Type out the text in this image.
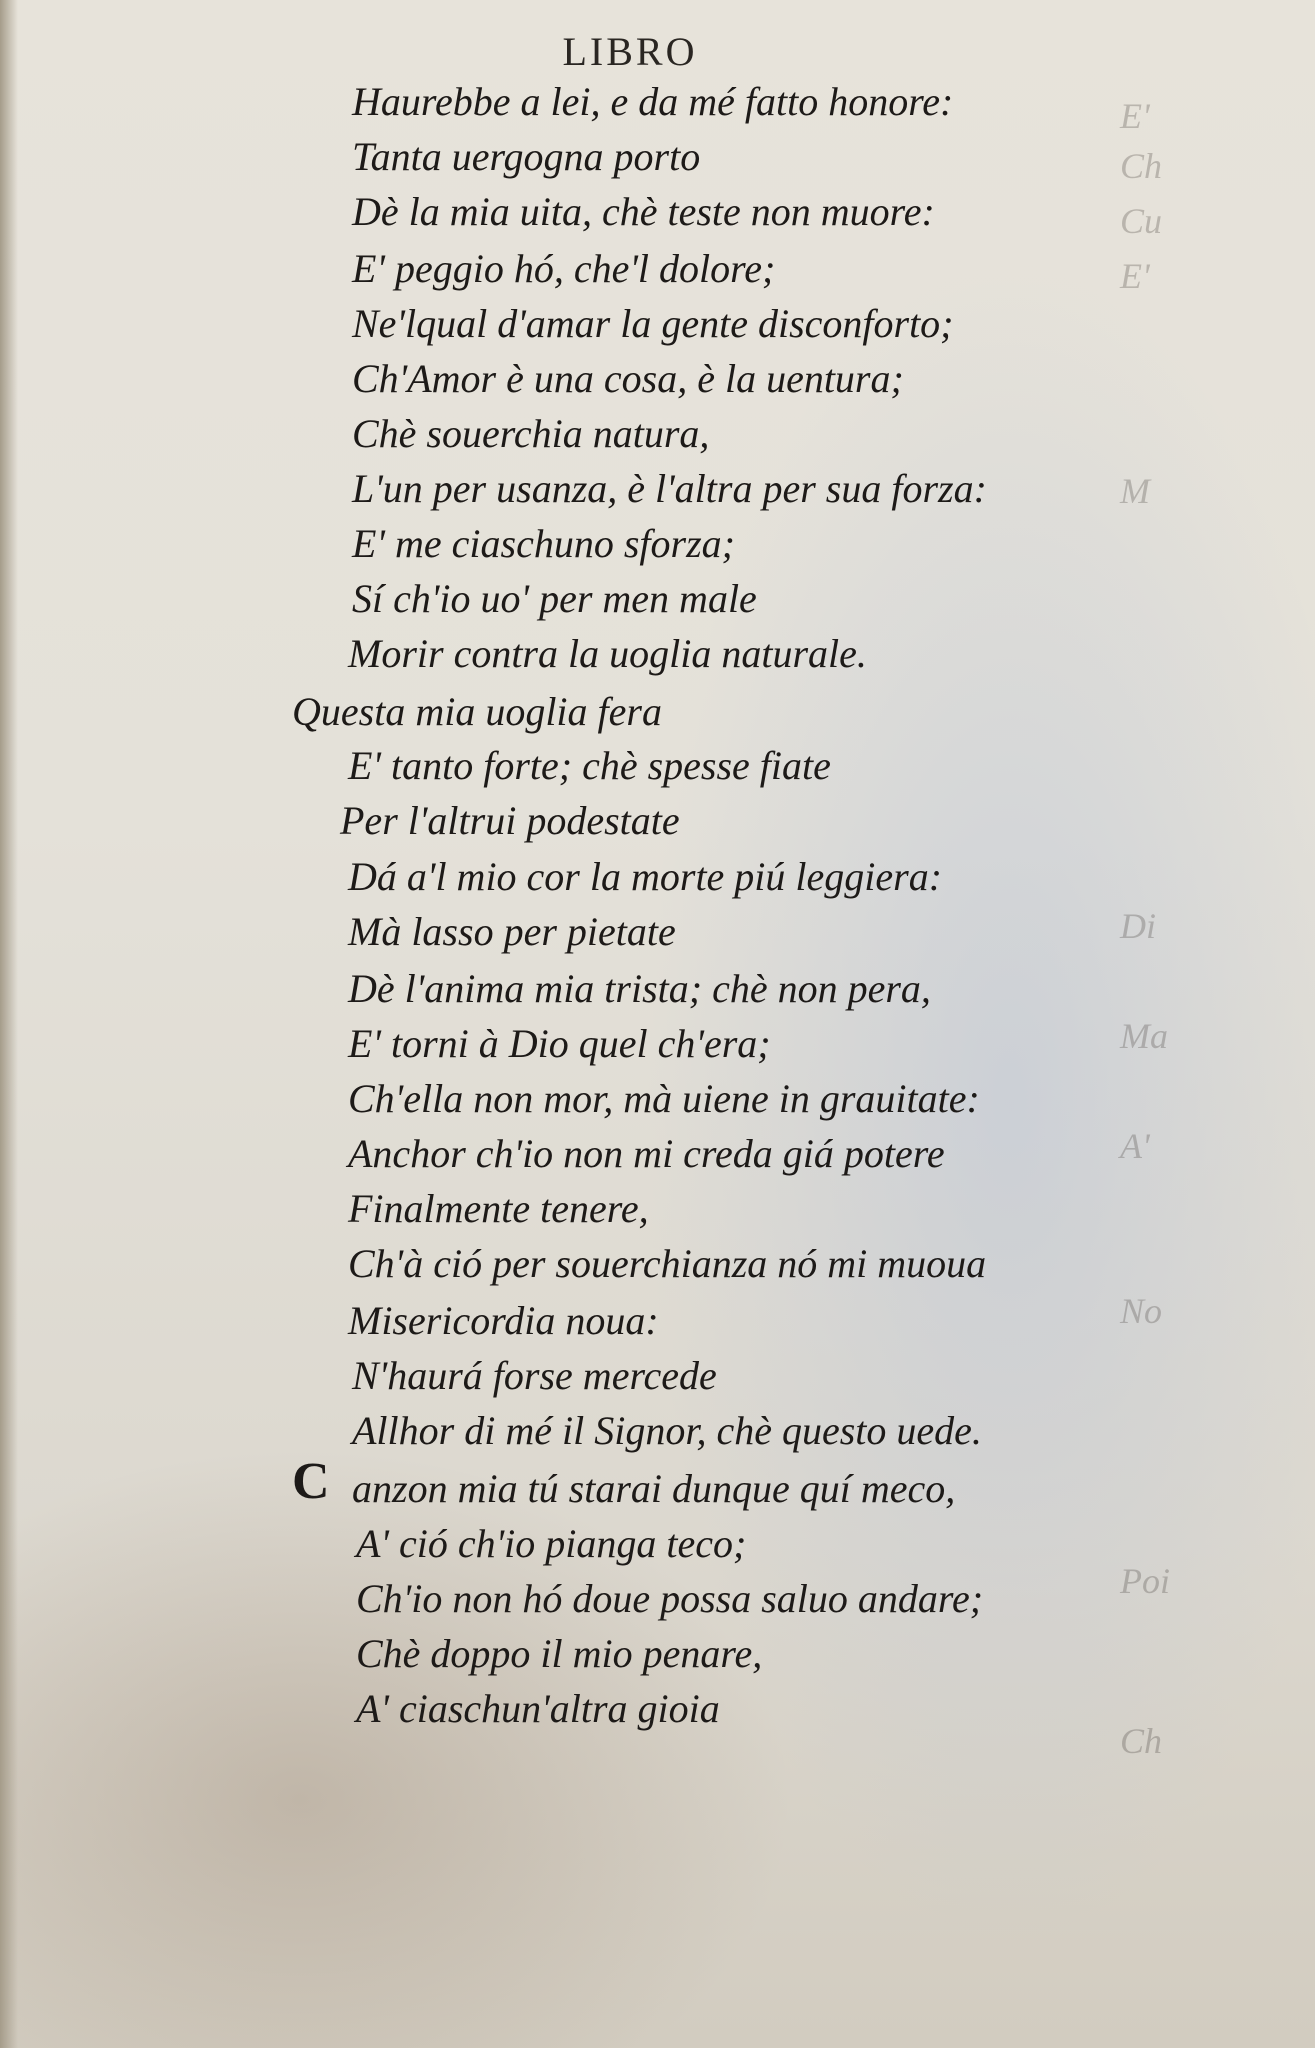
E'
Ch
Cu
E'
M
Di
Ma
A'
No
Poi
Ch
LIBRO
C
Haurebbe a lei, e da mé fatto honore:
Tanta uergogna porto
Dè la mia uita, chè teste non muore:
E' peggio hó, che'l dolore;
Ne'lqual d'amar la gente disconforto;
Ch'Amor è una cosa, è la uentura;
Chè souerchia natura,
L'un per usanza, è l'altra per sua forza:
E' me ciaschuno sforza;
Sí ch'io uo' per men male
Morir contra la uoglia naturale.
Questa mia uoglia fera
E' tanto forte; chè spesse fiate
Per l'altrui podestate
Dá a'l mio cor la morte piú leggiera:
Mà lasso per pietate
Dè l'anima mia trista; chè non pera,
E' torni à Dio quel ch'era;
Ch'ella non mor, mà uiene in grauitate:
Anchor ch'io non mi creda giá potere
Finalmente tenere,
Ch'à ció per souerchianza nó mi muoua
Misericordia noua:
N'haurá forse mercede
Allhor di mé il Signor, chè questo uede.
anzon mia tú starai dunque quí meco,
A' ció ch'io pianga teco;
Ch'io non hó doue possa saluo andare;
Chè doppo il mio penare,
A' ciaschun'altra gioia
